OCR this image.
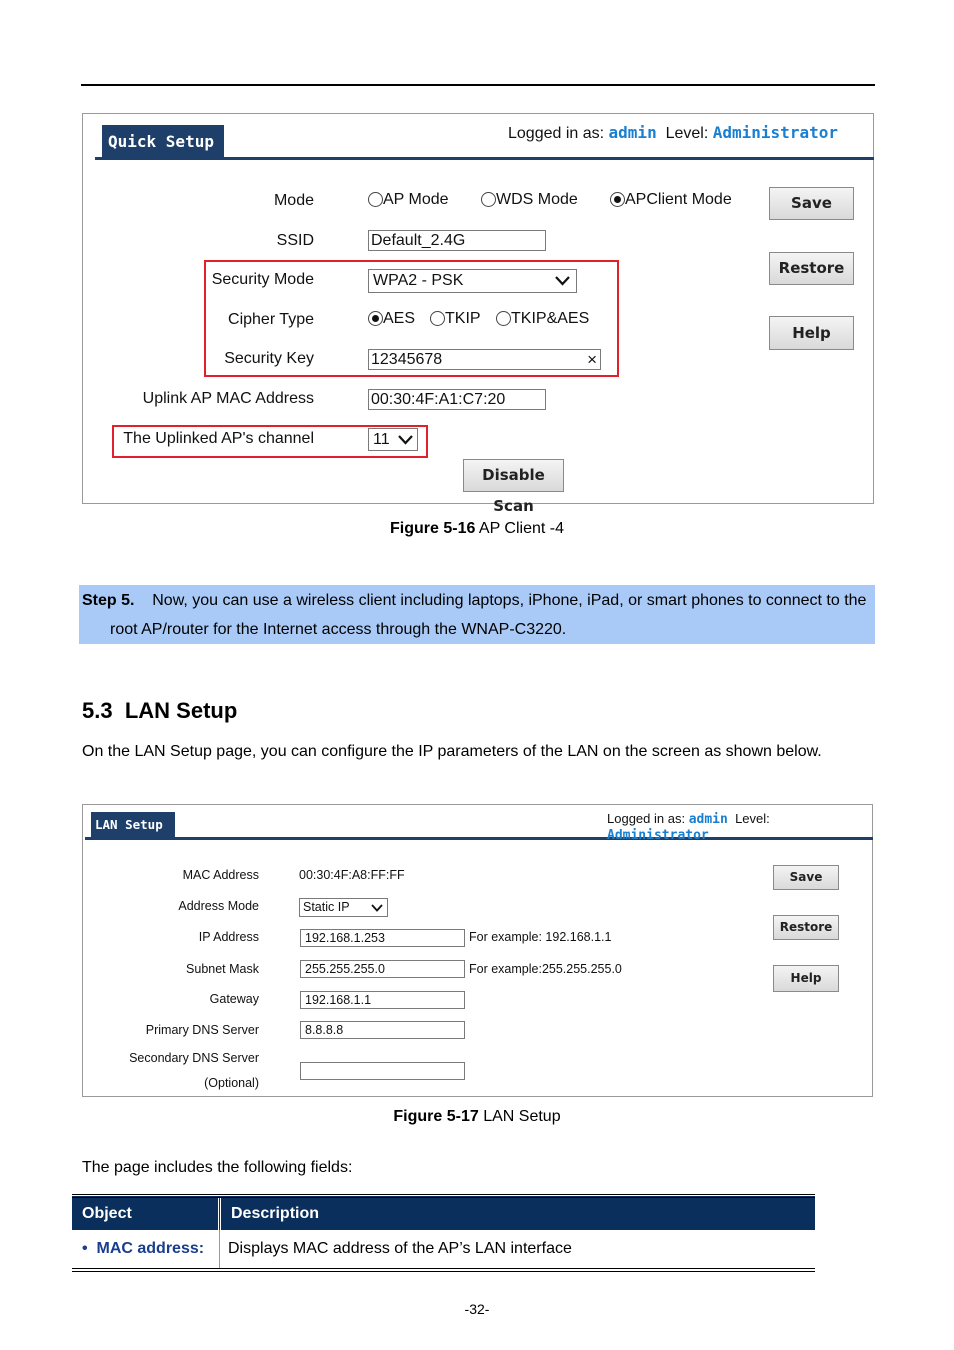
Quick Setup	Logged in as: admin Level: Administrator
Mode	AP Mode	WDS Mode	APClient Mode
SSID	Default_2.4G
Security Mode	WPA2 - PSK
Cipher Type	AES	TKIP	TKIP&AES
Security Key	12345678	×
Uplink AP MAC Address	00:30:4F:A1:C7:20
The Uplinked AP's channel	11
Save
Restore
Help
Disable Scan
Figure 5-16 AP Client -4
Step 5. Now, you can use a wireless client including laptops, iPhone, iPad, or smart phones to connect to the
root AP/router for the Internet access through the WNAP-C3220.
5.3 LAN Setup
On the LAN Setup page, you can configure the IP parameters of the LAN on the screen as shown below.
LAN Setup	Logged in as: admin Level: Administrator
MAC Address	00:30:4F:A8:FF:FF
Address Mode	Static IP
IP Address	192.168.1.253	For example: 192.168.1.1
Subnet Mask	255.255.255.0	For example:255.255.255.0
Gateway	192.168.1.1
Primary DNS Server	8.8.8.8
Secondary DNS Server
(Optional)
Save
Restore
Help
Figure 5-17 LAN Setup
The page includes the following fields:
Object	Description
• MAC address:	Displays MAC address of the AP’s LAN interface
-32-
